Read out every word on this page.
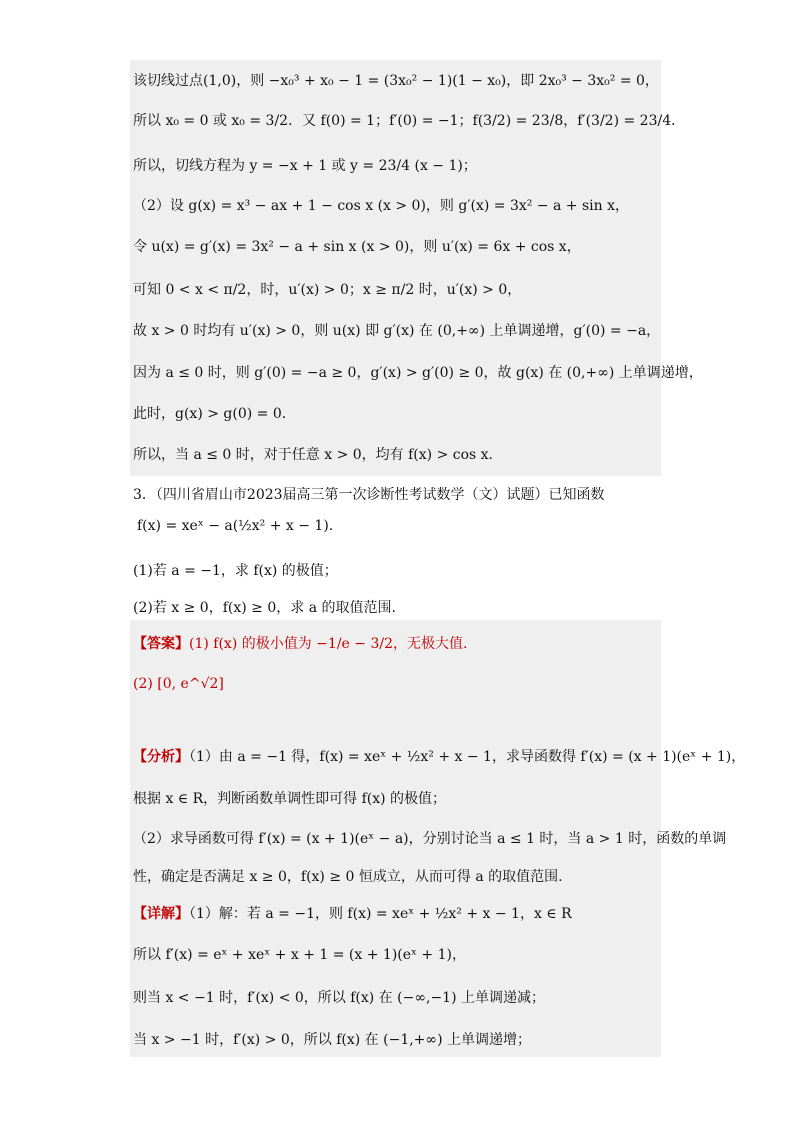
该切线过点(1,0)，则 −x₀³ + x₀ − 1 = (3x₀² − 1)(1 − x₀)，即 2x₀³ − 3x₀² = 0，
所以 x₀ = 0 或 x₀ = 3/2．又 f(0) = 1；f′(0) = −1；f(3/2) = 23/8，f′(3/2) = 23/4．
所以，切线方程为 y = −x + 1 或 y = 23/4 (x − 1)；
（2）设 g(x) = x³ − ax + 1 − cos x (x > 0)，则 g′(x) = 3x² − a + sin x，
令 u(x) = g′(x) = 3x² − a + sin x (x > 0)，则 u′(x) = 6x + cos x，
可知 0 < x < π/2，时，u′(x) > 0；x ≥ π/2 时，u′(x) > 0，
故 x > 0 时均有 u′(x) > 0，则 u(x) 即 g′(x) 在 (0,+∞) 上单调递增，g′(0) = −a，
因为 a ≤ 0 时，则 g′(0) = −a ≥ 0，g′(x) > g′(0) ≥ 0，故 g(x) 在 (0,+∞) 上单调递增，
此时，g(x) > g(0) = 0．
所以，当 a ≤ 0 时，对于任意 x > 0，均有 f(x) > cos x．
3．（四川省眉山市2023届高三第一次诊断性考试数学（文）试题）已知函数
f(x) = xeˣ − a(½x² + x − 1).
(1)若 a = −1，求 f(x) 的极值；
(2)若 x ≥ 0，f(x) ≥ 0，求 a 的取值范围.
【答案】(1) f(x) 的极小值为 −1/e − 3/2，无极大值.
(2) [0, e^√2]
【分析】（1）由 a = −1 得，f(x) = xeˣ + ½x² + x − 1，求导函数得 f′(x) = (x + 1)(eˣ + 1)，
根据 x ∈ R，判断函数单调性即可得 f(x) 的极值；
（2）求导函数可得 f′(x) = (x + 1)(eˣ − a)，分别讨论当 a ≤ 1 时，当 a > 1 时，函数的单调
性，确定是否满足 x ≥ 0，f(x) ≥ 0 恒成立，从而可得 a 的取值范围.
【详解】（1）解：若 a = −1，则 f(x) = xeˣ + ½x² + x − 1，x ∈ R
所以 f′(x) = eˣ + xeˣ + x + 1 = (x + 1)(eˣ + 1)，
则当 x < −1 时，f′(x) < 0，所以 f(x) 在 (−∞,−1) 上单调递减；
当 x > −1 时，f′(x) > 0，所以 f(x) 在 (−1,+∞) 上单调递增；
